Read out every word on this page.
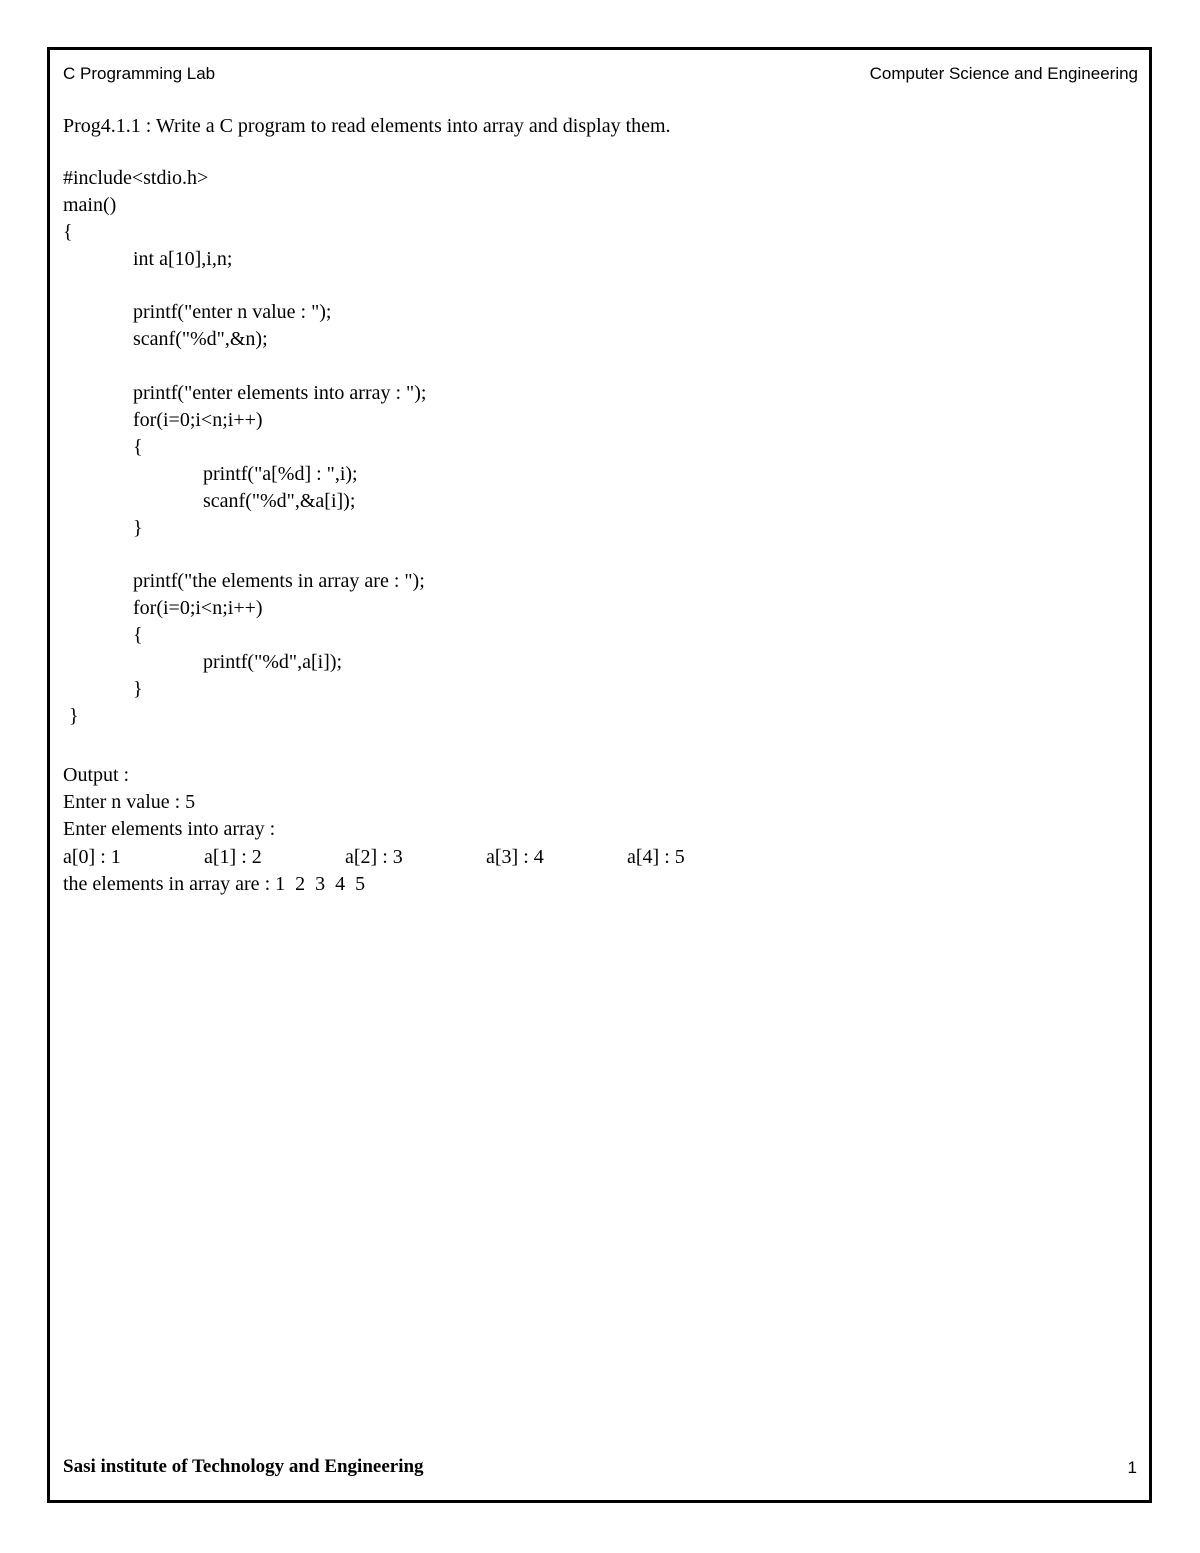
C Programming Lab	Computer Science and Engineering
Prog4.1.1 : Write a C program to read elements into array and display them.
#include<stdio.h>
main()
{
int a[10],i,n;
printf("enter n value : ");
scanf("%d",&n);
printf("enter elements into array : ");
for(i=0;i<n;i++)
{
printf("a[%d] : ",i);
scanf("%d",&a[i]);
}
printf("the elements in array are : ");
for(i=0;i<n;i++)
{
printf("%d",a[i]);
}
}
Output :
Enter n value : 5
Enter elements into array :
a[0] : 1	a[1] : 2	a[2] : 3	a[3] : 4	a[4] : 5
the elements in array are : 1  2  3  4  5
Sasi institute of Technology and Engineering	1
